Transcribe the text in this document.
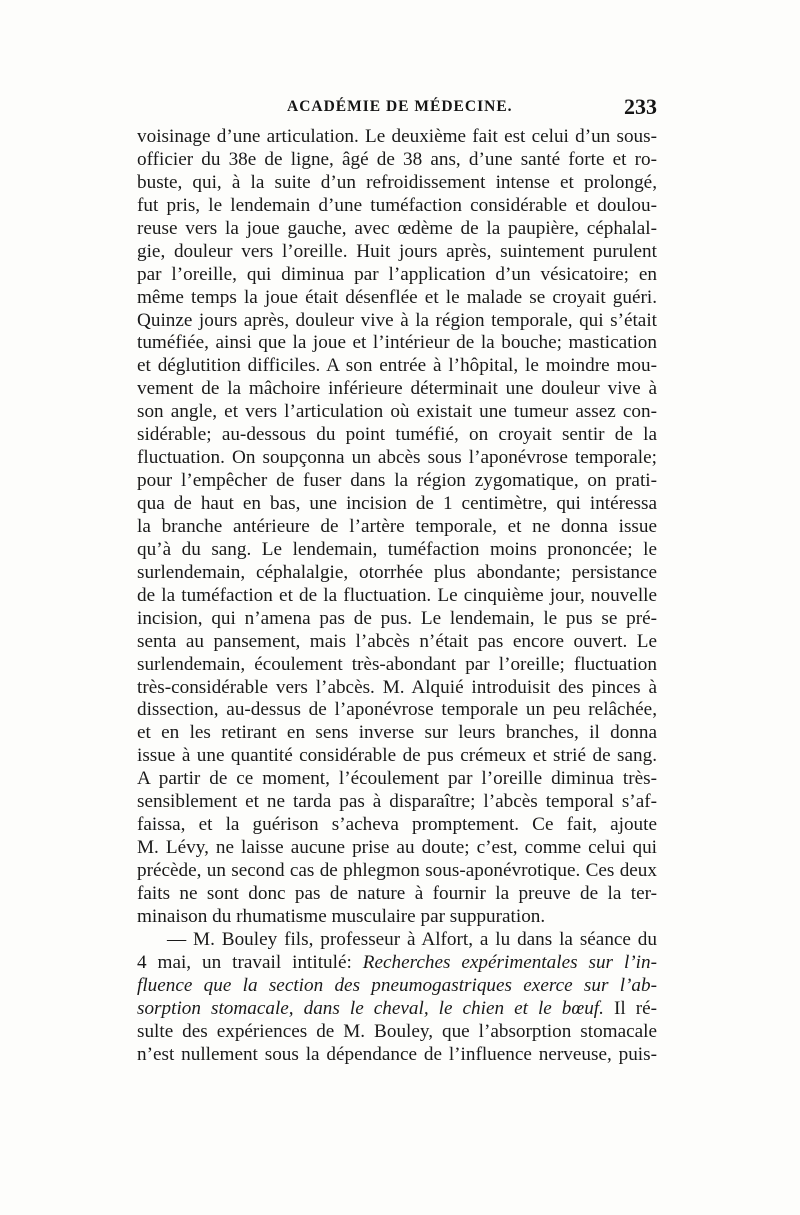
ACADÉMIE DE MÉDECINE.	233
voisinage d’une articulation. Le deuxième fait est celui d’un sous-
officier du 38e de ligne, âgé de 38 ans, d’une santé forte et ro-
buste, qui, à la suite d’un refroidissement intense et prolongé,
fut pris, le lendemain d’une tuméfaction considérable et doulou-
reuse vers la joue gauche, avec œdème de la paupière, céphalal-
gie, douleur vers l’oreille. Huit jours après, suintement purulent
par l’oreille, qui diminua par l’application d’un vésicatoire; en
même temps la joue était désenflée et le malade se croyait guéri.
Quinze jours après, douleur vive à la région temporale, qui s’était
tuméfiée, ainsi que la joue et l’intérieur de la bouche; mastication
et déglutition difficiles. A son entrée à l’hôpital, le moindre mou-
vement de la mâchoire inférieure déterminait une douleur vive à
son angle, et vers l’articulation où existait une tumeur assez con-
sidérable; au-dessous du point tuméfié, on croyait sentir de la
fluctuation. On soupçonna un abcès sous l’aponévrose temporale;
pour l’empêcher de fuser dans la région zygomatique, on prati-
qua de haut en bas, une incision de 1 centimètre, qui intéressa
la branche antérieure de l’artère temporale, et ne donna issue
qu’à du sang. Le lendemain, tuméfaction moins prononcée; le
surlendemain, céphalalgie, otorrhée plus abondante; persistance
de la tuméfaction et de la fluctuation. Le cinquième jour, nouvelle
incision, qui n’amena pas de pus. Le lendemain, le pus se pré-
senta au pansement, mais l’abcès n’était pas encore ouvert. Le
surlendemain, écoulement très-abondant par l’oreille; fluctuation
très-considérable vers l’abcès. M. Alquié introduisit des pinces à
dissection, au-dessus de l’aponévrose temporale un peu relâchée,
et en les retirant en sens inverse sur leurs branches, il donna
issue à une quantité considérable de pus crémeux et strié de sang.
A partir de ce moment, l’écoulement par l’oreille diminua très-
sensiblement et ne tarda pas à disparaître; l’abcès temporal s’af-
faissa, et la guérison s’acheva promptement. Ce fait, ajoute
M. Lévy, ne laisse aucune prise au doute; c’est, comme celui qui
précède, un second cas de phlegmon sous-aponévrotique. Ces deux
faits ne sont donc pas de nature à fournir la preuve de la ter-
minaison du rhumatisme musculaire par suppuration.
— M. Bouley fils, professeur à Alfort, a lu dans la séance du
4 mai, un travail intitulé: Recherches expérimentales sur l’in-
fluence que la section des pneumogastriques exerce sur l’ab-
sorption stomacale, dans le cheval, le chien et le bœuf. Il ré-
sulte des expériences de M. Bouley, que l’absorption stomacale
n’est nullement sous la dépendance de l’influence nerveuse, puis-
